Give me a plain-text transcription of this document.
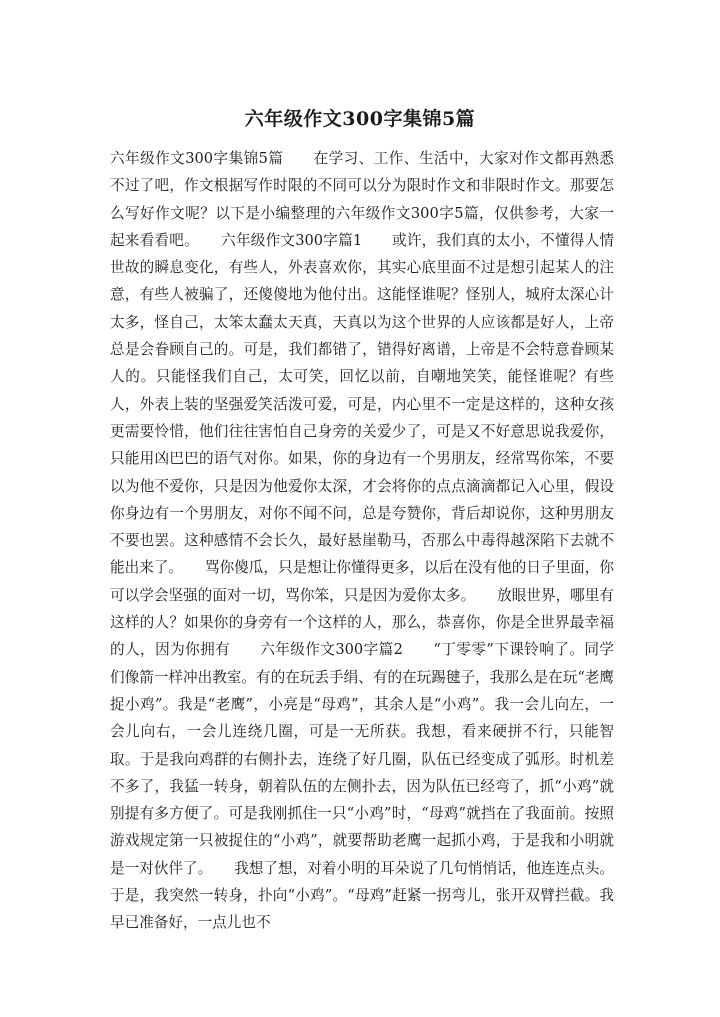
六年级作文300字集锦5篇

六年级作文300字集锦5篇　　在学习、工作、生活中，大家对作文都再熟悉不过了吧，作文根据写作时限的不同可以分为限时作文和非限时作文。那要怎么写好作文呢？以下是小编整理的六年级作文300字5篇，仅供参考，大家一起来看看吧。　　六年级作文300字篇1　　或许，我们真的太小，不懂得人情世故的瞬息变化，有些人，外表喜欢你，其实心底里面不过是想引起某人的注意，有些人被骗了，还傻傻地为他付出。这能怪谁呢？怪别人，城府太深心计太多，怪自己，太笨太蠢太天真，天真以为这个世界的人应该都是好人，上帝总是会眷顾自己的。可是，我们都错了，错得好离谱，上帝是不会特意眷顾某人的。只能怪我们自己，太可笑，回忆以前，自嘲地笑笑，能怪谁呢？有些人，外表上装的坚强爱笑活泼可爱，可是，内心里不一定是这样的，这种女孩更需要怜惜，他们往往害怕自己身旁的关爱少了，可是又不好意思说我爱你，只能用凶巴巴的语气对你。如果，你的身边有一个男朋友，经常骂你笨，不要以为他不爱你，只是因为他爱你太深，才会将你的点点滴滴都记入心里，假设你身边有一个男朋友，对你不闻不问，总是夸赞你，背后却说你，这种男朋友不要也罢。这种感情不会长久，最好悬崖勒马，否那么中毒得越深陷下去就不能出来了。　　骂你傻瓜，只是想让你懂得更多，以后在没有他的日子里面，你可以学会坚强的面对一切，骂你笨，只是因为爱你太多。　　放眼世界，哪里有这样的人？如果你的身旁有一个这样的人，那么，恭喜你，你是全世界最幸福的人，因为你拥有　　六年级作文300字篇2　　“丁零零”下课铃响了。同学们像箭一样冲出教室。有的在玩丢手绢、有的在玩踢毽子，我那么是在玩“老鹰捉小鸡”。我是“老鹰”，小亮是“母鸡”，其余人是“小鸡”。我一会儿向左，一会儿向右，一会儿连绕几圈，可是一无所获。我想，看来硬拼不行，只能智取。于是我向鸡群的右侧扑去，连绕了好几圈，队伍已经变成了弧形。时机差不多了，我猛一转身，朝着队伍的左侧扑去，因为队伍已经弯了，抓“小鸡”就别提有多方便了。可是我刚抓住一只“小鸡”时，“母鸡”就挡在了我面前。按照游戏规定第一只被捉住的“小鸡”，就要帮助老鹰一起抓小鸡，于是我和小明就是一对伙伴了。　　我想了想，对着小明的耳朵说了几句悄悄话，他连连点头。于是，我突然一转身，扑向“小鸡”。“母鸡”赶紧一拐弯儿，张开双臂拦截。我早已准备好，一点儿也不
